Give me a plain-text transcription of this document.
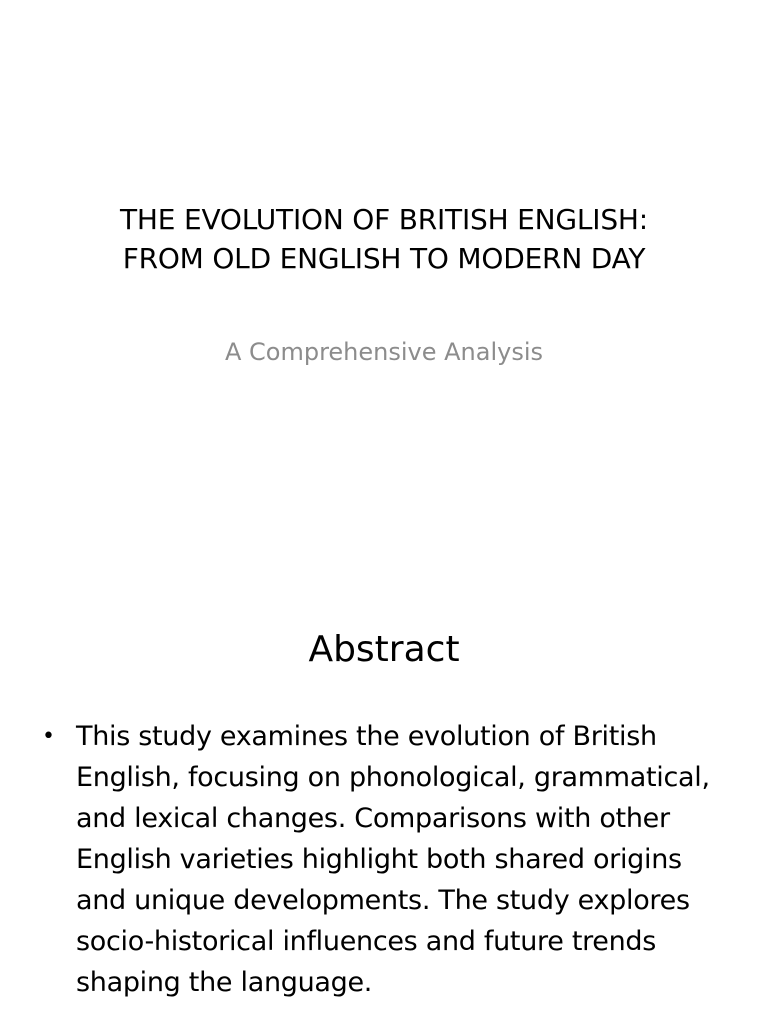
THE EVOLUTION OF BRITISH ENGLISH:
FROM OLD ENGLISH TO MODERN DAY

A Comprehensive Analysis

Abstract
• This study examines the evolution of British English, focusing on phonological, grammatical, and lexical changes. Comparisons with other English varieties highlight both shared origins and unique developments. The study explores socio-historical influences and future trends shaping the language.
